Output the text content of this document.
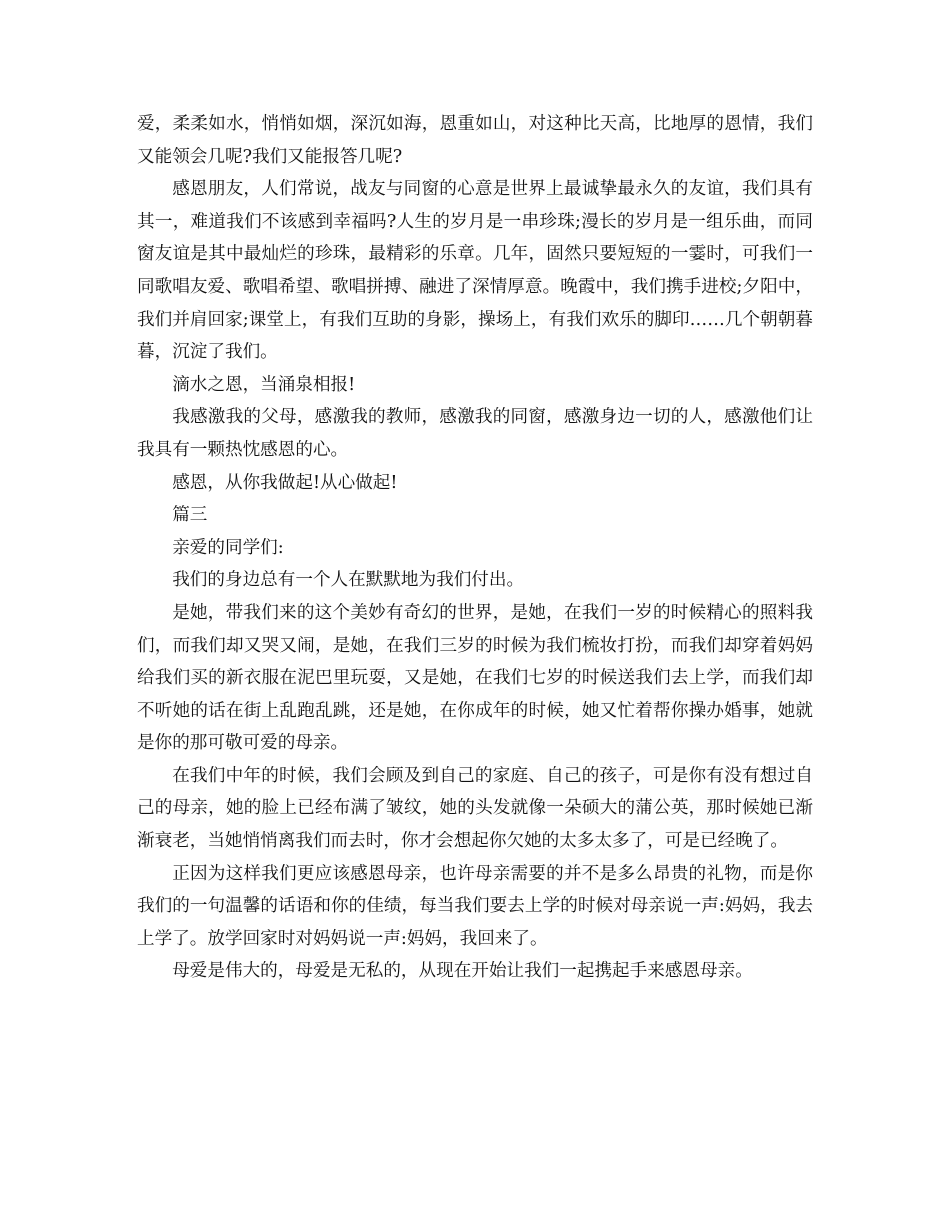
爱，柔柔如水，悄悄如烟，深沉如海，恩重如山，对这种比天高，比地厚的恩情，我们又能领会几呢?我们又能报答几呢?

感恩朋友，人们常说，战友与同窗的心意是世界上最诚挚最永久的友谊，我们具有其一，难道我们不该感到幸福吗?人生的岁月是一串珍珠;漫长的岁月是一组乐曲，而同窗友谊是其中最灿烂的珍珠，最精彩的乐章。几年，固然只要短短的一霎时，可我们一同歌唱友爱、歌唱希望、歌唱拼搏、融进了深情厚意。晚霞中，我们携手进校;夕阳中，我们并肩回家;课堂上，有我们互助的身影，操场上，有我们欢乐的脚印……几个朝朝暮暮，沉淀了我们。

滴水之恩，当涌泉相报!

我感激我的父母，感激我的教师，感激我的同窗，感激身边一切的人，感激他们让我具有一颗热忱感恩的心。

感恩，从你我做起!从心做起!

篇三

亲爱的同学们:

我们的身边总有一个人在默默地为我们付出。

是她，带我们来的这个美妙有奇幻的世界，是她，在我们一岁的时候精心的照料我们，而我们却又哭又闹，是她，在我们三岁的时候为我们梳妆打扮，而我们却穿着妈妈给我们买的新衣服在泥巴里玩耍，又是她，在我们七岁的时候送我们去上学，而我们却不听她的话在街上乱跑乱跳，还是她，在你成年的时候，她又忙着帮你操办婚事，她就是你的那可敬可爱的母亲。

在我们中年的时候，我们会顾及到自己的家庭、自己的孩子，可是你有没有想过自己的母亲，她的脸上已经布满了皱纹，她的头发就像一朵硕大的蒲公英，那时候她已渐渐衰老，当她悄悄离我们而去时，你才会想起你欠她的太多太多了，可是已经晚了。

正因为这样我们更应该感恩母亲，也许母亲需要的并不是多么昂贵的礼物，而是你我们的一句温馨的话语和你的佳绩，每当我们要去上学的时候对母亲说一声:妈妈，我去上学了。放学回家时对妈妈说一声:妈妈，我回来了。

母爱是伟大的，母爱是无私的，从现在开始让我们一起携起手来感恩母亲。
